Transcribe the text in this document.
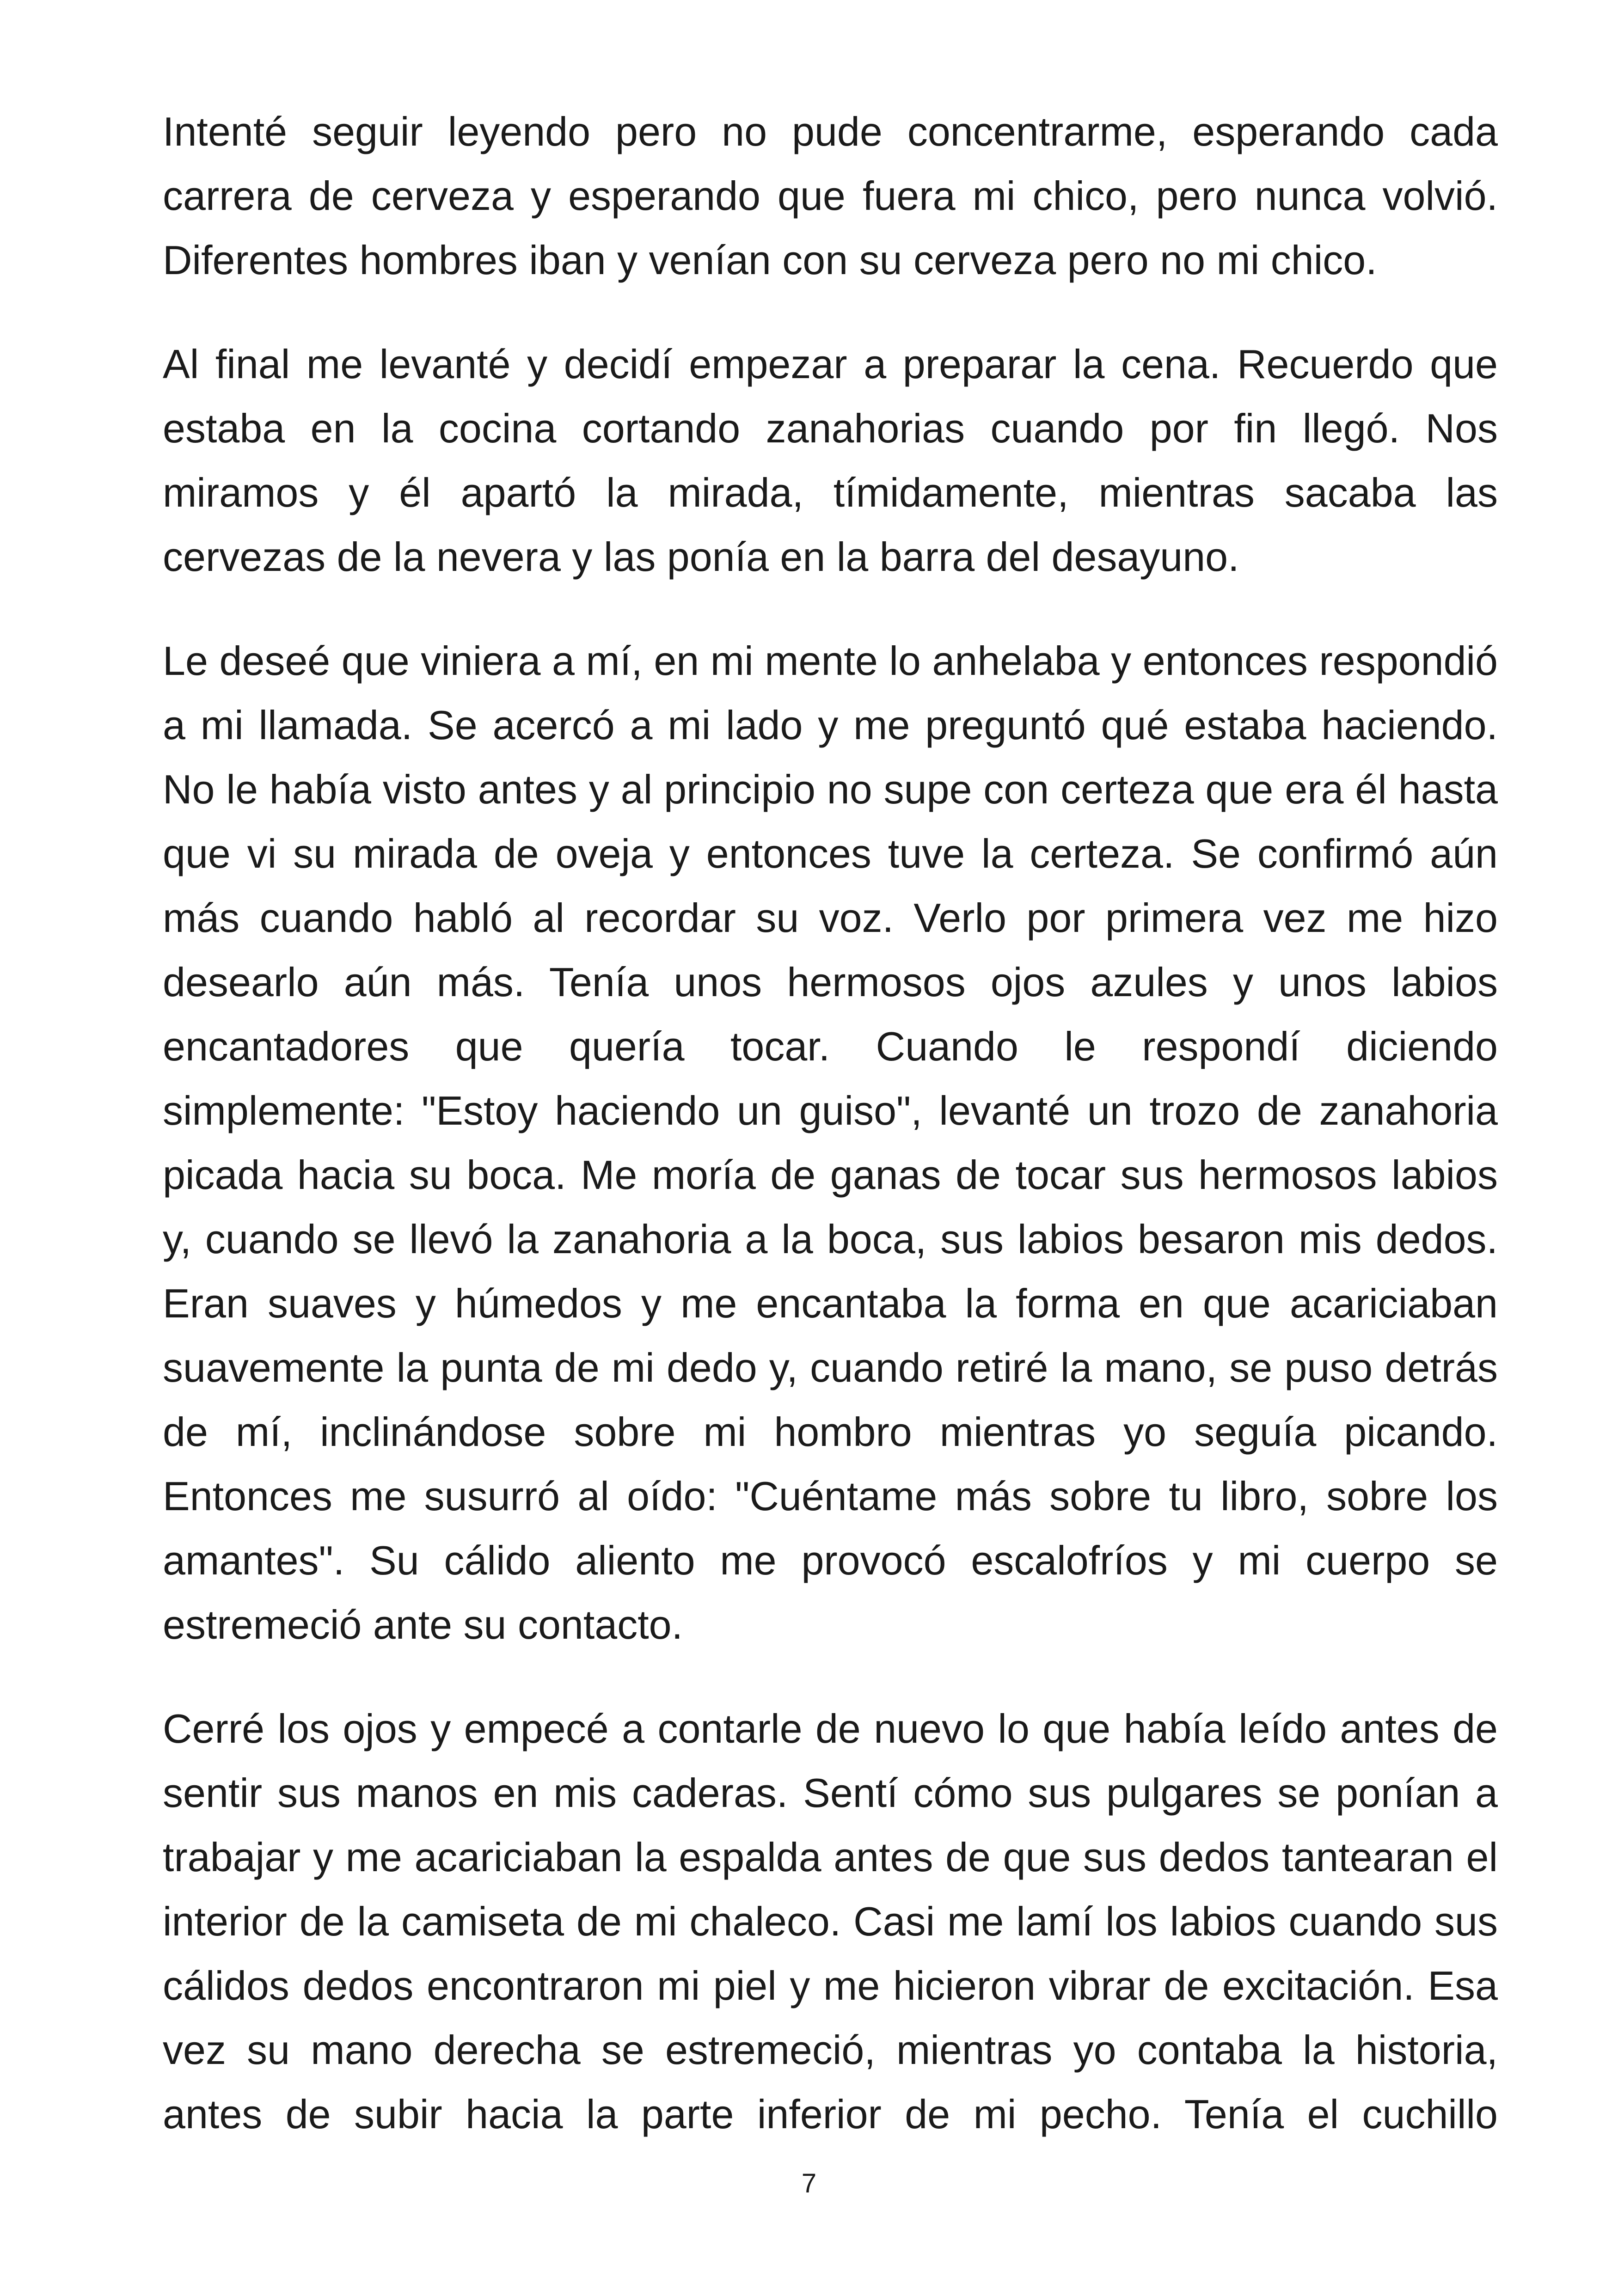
Intenté seguir leyendo pero no pude concentrarme, esperando cada carrera de cerveza y esperando que fuera mi chico, pero nunca volvió. Diferentes hombres iban y venían con su cerveza pero no mi chico.

Al final me levanté y decidí empezar a preparar la cena. Recuerdo que estaba en la cocina cortando zanahorias cuando por fin llegó. Nos miramos y él apartó la mirada, tímidamente, mientras sacaba las cervezas de la nevera y las ponía en la barra del desayuno.

Le deseé que viniera a mí, en mi mente lo anhelaba y entonces respondió a mi llamada. Se acercó a mi lado y me preguntó qué estaba haciendo. No le había visto antes y al principio no supe con certeza que era él hasta que vi su mirada de oveja y entonces tuve la certeza. Se confirmó aún más cuando habló al recordar su voz. Verlo por primera vez me hizo desearlo aún más. Tenía unos hermosos ojos azules y unos labios encantadores que quería tocar. Cuando le respondí diciendo simplemente: "Estoy haciendo un guiso", levanté un trozo de zanahoria picada hacia su boca. Me moría de ganas de tocar sus hermosos labios y, cuando se llevó la zanahoria a la boca, sus labios besaron mis dedos. Eran suaves y húmedos y me encantaba la forma en que acariciaban suavemente la punta de mi dedo y, cuando retiré la mano, se puso detrás de mí, inclinándose sobre mi hombro mientras yo seguía picando. Entonces me susurró al oído: "Cuéntame más sobre tu libro, sobre los amantes". Su cálido aliento me provocó escalofríos y mi cuerpo se estremeció ante su contacto.

Cerré los ojos y empecé a contarle de nuevo lo que había leído antes de sentir sus manos en mis caderas. Sentí cómo sus pulgares se ponían a trabajar y me acariciaban la espalda antes de que sus dedos tantearan el interior de la camiseta de mi chaleco. Casi me lamí los labios cuando sus cálidos dedos encontraron mi piel y me hicieron vibrar de excitación. Esa vez su mano derecha se estremeció, mientras yo contaba la historia, antes de subir hacia la parte inferior de mi pecho. Tenía el cuchillo

7
